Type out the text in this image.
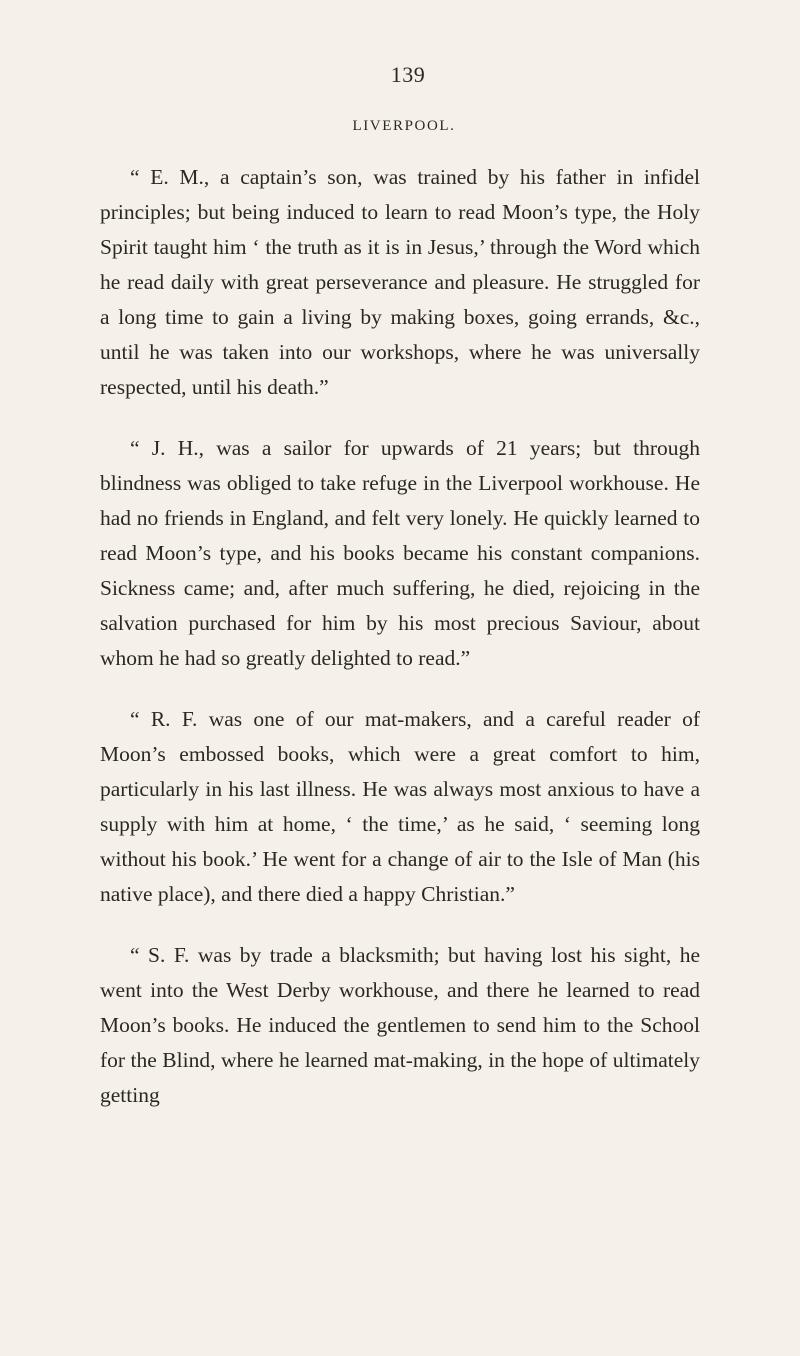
139
LIVERPOOL.

“ E. M., a captain’s son, was trained by his father in infidel principles; but being induced to learn to read Moon’s type, the Holy Spirit taught him ‘ the truth as it is in Jesus,’ through the Word which he read daily with great perseverance and pleasure. He struggled for a long time to gain a living by making boxes, going errands, &c., until he was taken into our workshops, where he was universally respected, until his death.”

“ J. H., was a sailor for upwards of 21 years; but through blindness was obliged to take refuge in the Liverpool workhouse. He had no friends in England, and felt very lonely. He quickly learned to read Moon’s type, and his books became his constant companions. Sickness came; and, after much suffering, he died, rejoicing in the salvation purchased for him by his most precious Saviour, about whom he had so greatly delighted to read.”

“ R. F. was one of our mat-makers, and a careful reader of Moon’s embossed books, which were a great comfort to him, particularly in his last illness. He was always most anxious to have a supply with him at home, ‘ the time,’ as he said, ‘ seeming long without his book.’ He went for a change of air to the Isle of Man (his native place), and there died a happy Christian.”

“ S. F. was by trade a blacksmith; but having lost his sight, he went into the West Derby workhouse, and there he learned to read Moon’s books. He induced the gentlemen to send him to the School for the Blind, where he learned mat-making, in the hope of ultimately getting
